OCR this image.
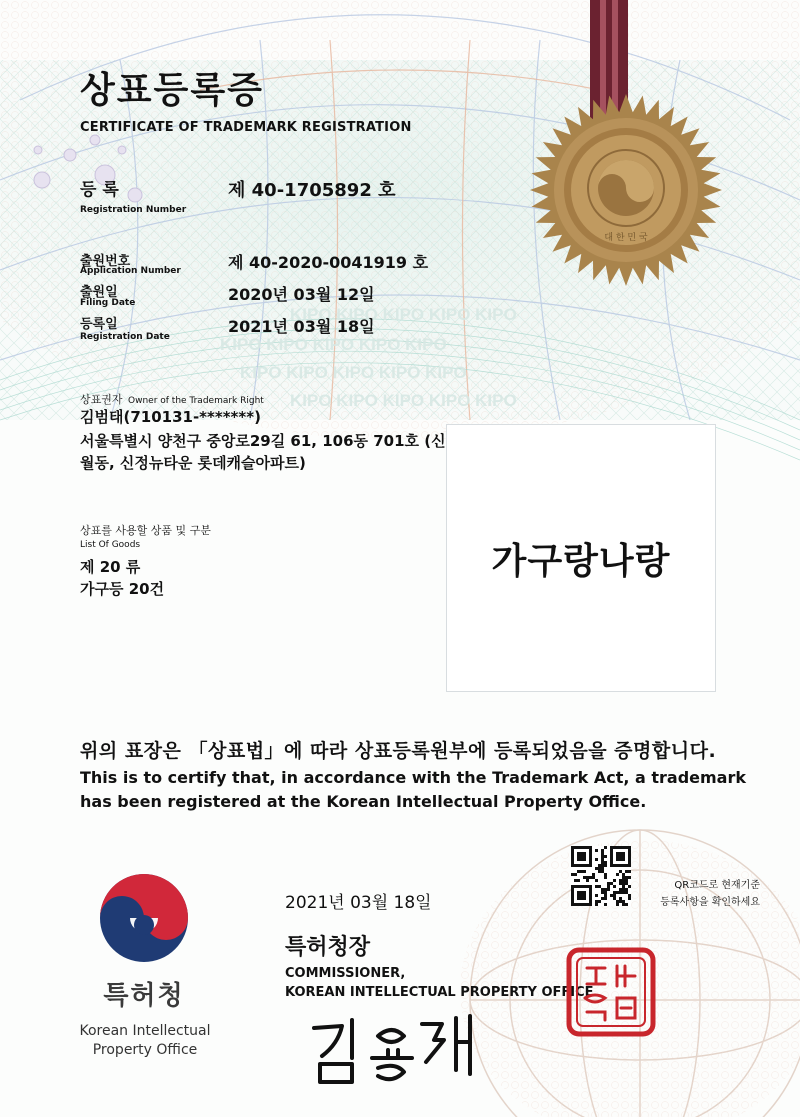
KIPO KIPO KIPO KIPO KIPO
KIPO KIPO KIPO KIPO KIPO
KIPO KIPO KIPO KIPO KIPO
KIPO KIPO KIPO KIPO KIPO
대 한 민 국
상표등록증
CERTIFICATE OF TRADEMARK REGISTRATION
등 록
Registration Number
제 40-1705892 호
출원번호
Application Number	제 40-2020-0041919 호
출원일
Filing Date	2020년 03월 12일
등록일
Registration Date
2021년 03월 18일
상표권자 Owner of the Trademark Right
김범태(710131-*******)
서울특별시 양천구 중앙로29길 61, 106동 701호 (신
월동, 신정뉴타운 롯데캐슬아파트)
상표를 사용할 상품 및 구분
List Of Goods
제 20 류
가구등 20건
가구랑나랑
위의 표장은 「상표법」에 따라 상표등록원부에 등록되었음을 증명합니다.
This is to certify that, in accordance with the Trademark Act, a trademark
has been registered at the Korean Intellectual Property Office.
QR코드로 현재기준
등록사항을 확인하세요
2021년 03월 18일
특허청장
COMMISSIONER,
KOREAN INTELLECTUAL PROPERTY OFFICE
특허청
Korean Intellectual
Property Office
